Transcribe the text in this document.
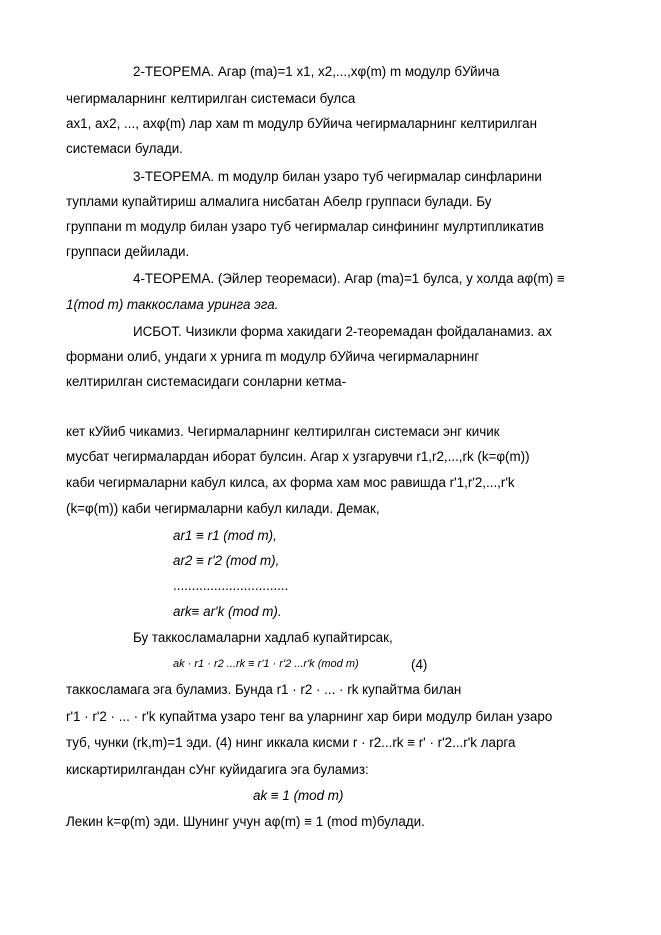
2-ТЕОРЕМА. Агар (mа)=1 х1, х2,...,хφ(m) m модулр бУйича
чегирмаларнинг келтирилган системаси булса
ах1, ах2, ..., ахφ(m) лар хам m модулр бУйича чегирмаларнинг келтирилган
системаси булади.
3-ТЕОРЕМА. m модулр билан узаро туб чегирмалар синфларини
туплами купайтириш алмалига нисбатан Абелр группаси булади. Бу
группани m модулр билан узаро туб чегирмалар синфининг мулртипликатив
группаси дейилади.
4-ТЕОРЕМА. (Эйлер теоремаси). Агар (mа)=1 булса, у холда аφ(m) ≡
1(mod m) таккослама уринга эга.
ИСБОТ. Чизикли форма хакидаги 2-теоремадан фойдаланамиз. ах
формани олиб, ундаги х урнига m модулр бУйича чегирмаларнинг
келтирилган системасидаги сонларни кетма-
кет кУйиб чикамиз. Чегирмаларнинг келтирилган системаси энг кичик
мусбат чегирмалардан иборат булсин. Агар х узгарувчи r1,r2,...,rk (k=φ(m))
каби чегирмаларни кабул килса, ах форма хам мос равишда r'1,r'2,...,r'k
(k=φ(m)) каби чегирмаларни кабул килади. Демак,
аr1 ≡ r1 (mod m),
аr2 ≡ r'2 (mod m),
...............................
аrk≡ аr'k (mod m).
Бу таккосламаларни хадлаб купайтирсак,
ak · r1 · r2 ...rk ≡ r'1 · r'2 ...r'k (mod m)	(4)
таккосламага эга буламиз. Бунда r1 · r2 · ... · rk купайтма билан
r'1 · r'2 · ... · r'k купайтма узаро тенг ва уларнинг хар бири модулр билан узаро
туб, чунки (rk,m)=1 эди. (4) нинг иккала кисми r · r2...rk ≡ r' · r'2...r'k ларга
кискартирилгандан сУнг куйидагига эга буламиз:
аk ≡ 1 (mod m)
Лекин k=φ(m) эди. Шунинг учун аφ(m) ≡ 1 (mod m)булади.
